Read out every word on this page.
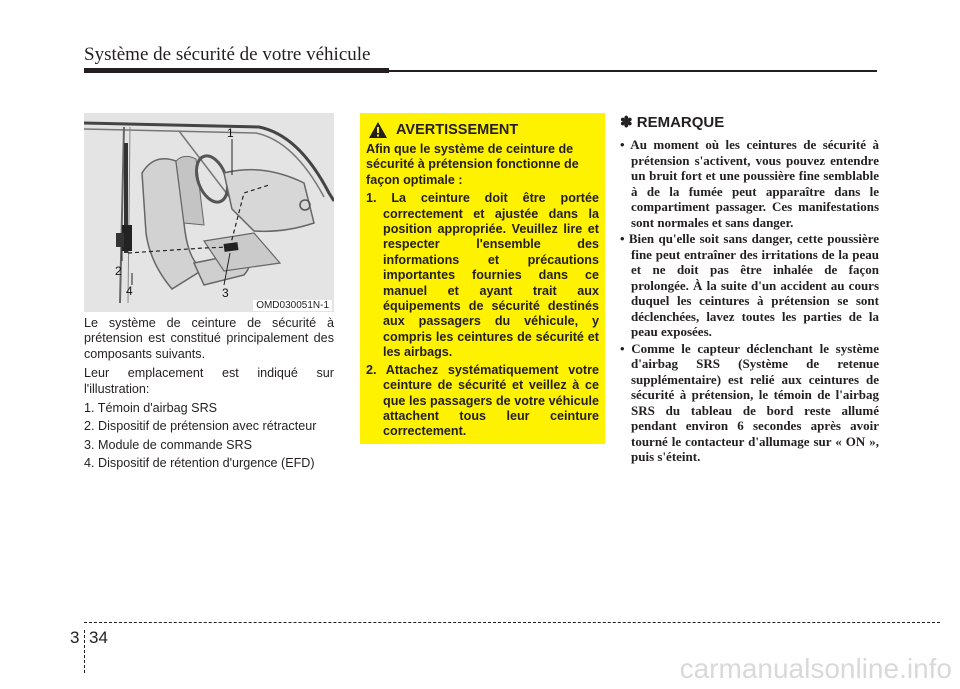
Système de sécurité de votre véhicule
1
2
3
4
OMD030051N-1

Le système de ceinture de sécurité à prétension est constitué principalement des composants suivants.

Leur emplacement est indiqué sur l'illustration:

1. Témoin d'airbag SRS
2. Dispositif de prétension avec rétracteur
3. Module de commande SRS
4. Dispositif de rétention d'urgence (EFD)
AVERTISSEMENT

Afin que le système de ceinture de sécurité à prétension fonctionne de façon optimale :

1. La ceinture doit être portée correctement et ajustée dans la position appropriée. Veuillez lire et respecter l'ensemble des informations et précautions importantes fournies dans ce manuel et ayant trait aux équipements de sécurité destinés aux passagers du véhicule, y compris les ceintures de sécurité et les airbags.
2. Attachez systématiquement votre ceinture de sécurité et veillez à ce que les passagers de votre véhicule attachent tous leur ceinture correctement.
✽ REMARQUE
• Au moment où les ceintures de sécurité à prétension s'activent, vous pouvez entendre un bruit fort et une poussière fine semblable à de la fumée peut apparaître dans le compartiment passager. Ces manifestations sont normales et sans danger.
• Bien qu'elle soit sans danger, cette poussière fine peut entraîner des irritations de la peau et ne doit pas être inhalée de façon prolongée. À la suite d'un accident au cours duquel les ceintures à prétension se sont déclenchées, lavez toutes les parties de la peau exposées.
• Comme le capteur déclenchant le système d'airbag SRS (Système de retenue supplémentaire) est relié aux ceintures de sécurité à prétension, le témoin de l'airbag SRS du tableau de bord reste allumé pendant environ 6 secondes après avoir tourné le contacteur d'allumage sur « ON », puis s'éteint.
3 34
carmanualsonline.info
